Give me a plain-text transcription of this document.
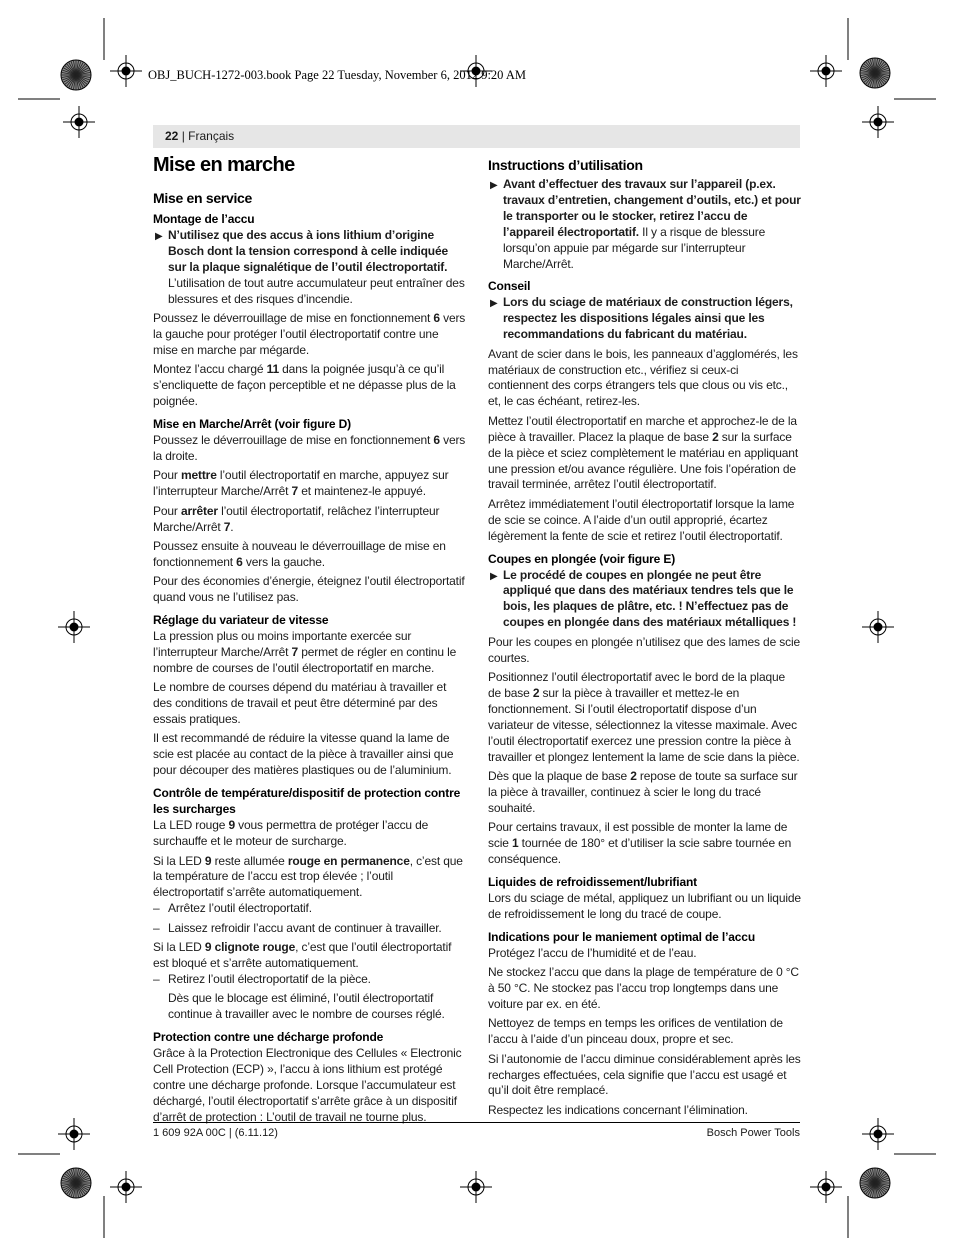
OBJ_BUCH-1272-003.book Page 22 Tuesday, November 6, 2012 9:20 AM
22 | Français
Mise en marche
Mise en service
Montage de l’accu

▶ N’utilisez que des accus à ions lithium d’origine Bosch dont la tension correspond à celle indiquée sur la plaque signalétique de l’outil électroportatif. L’utilisation de tout autre accumulateur peut entraîner des blessures et des risques d’incendie.

Poussez le déverrouillage de mise en fonctionnement 6 vers la gauche pour protéger l’outil électroportatif contre une mise en marche par mégarde.

Montez l’accu chargé 11 dans la poignée jusqu’à ce qu’il s’encliquette de façon perceptible et ne dépasse plus de la poignée.

Mise en Marche/Arrêt (voir figure D)

Poussez le déverrouillage de mise en fonctionnement 6 vers la droite.

Pour mettre l’outil électroportatif en marche, appuyez sur l’interrupteur Marche/Arrêt 7 et maintenez-le appuyé.

Pour arrêter l’outil électroportatif, relâchez l’interrupteur Marche/Arrêt 7.

Poussez ensuite à nouveau le déverrouillage de mise en fonctionnement 6 vers la gauche.

Pour des économies d’énergie, éteignez l’outil électroportatif quand vous ne l’utilisez pas.

Réglage du variateur de vitesse

La pression plus ou moins importante exercée sur l’interrupteur Marche/Arrêt 7 permet de régler en continu le nombre de courses de l’outil électroportatif en marche.

Le nombre de courses dépend du matériau à travailler et des conditions de travail et peut être déterminé par des essais pratiques.

Il est recommandé de réduire la vitesse quand la lame de scie est placée au contact de la pièce à travailler ainsi que pour découper des matières plastiques ou de l’aluminium.

Contrôle de température/dispositif de protection contre les surcharges

La LED rouge 9 vous permettra de protéger l’accu de surchauffe et le moteur de surcharge.

Si la LED 9 reste allumée rouge en permanence, c’est que la température de l’accu est trop élevée ; l’outil électroportatif s’arrête automatiquement.

– Arrêtez l’outil électroportatif.

– Laissez refroidir l’accu avant de continuer à travailler.

Si la LED 9 clignote rouge, c’est que l’outil électroportatif est bloqué et s’arrête automatiquement.

– Retirez l’outil électroportatif de la pièce.

Dès que le blocage est éliminé, l’outil électroportatif continue à travailler avec le nombre de courses réglé.

Protection contre une décharge profonde

Grâce à la Protection Electronique des Cellules « Electronic Cell Protection (ECP) », l’accu à ions lithium est protégé contre une décharge profonde. Lorsque l’accumulateur est déchargé, l’outil électroportatif s’arrête grâce à un dispositif d’arrêt de protection : L’outil de travail ne tourne plus.

Instructions d’utilisation

▶ Avant d’effectuer des travaux sur l’appareil (p.ex. travaux d’entretien, changement d’outils, etc.) et pour le transporter ou le stocker, retirez l’accu de l’appareil électroportatif. Il y a risque de blessure lorsqu’on appuie par mégarde sur l’interrupteur Marche/Arrêt.

Conseil

▶ Lors du sciage de matériaux de construction légers, respectez les dispositions légales ainsi que les recommandations du fabricant du matériau.

Avant de scier dans le bois, les panneaux d’agglomérés, les matériaux de construction etc., vérifiez si ceux-ci contiennent des corps étrangers tels que clous ou vis etc., et, le cas échéant, retirez-les.

Mettez l’outil électroportatif en marche et approchez-le de la pièce à travailler. Placez la plaque de base 2 sur la surface de la pièce et sciez complètement le matériau en appliquant une pression et/ou avance régulière. Une fois l’opération de travail terminée, arrêtez l’outil électroportatif.

Arrêtez immédiatement l’outil électroportatif lorsque la lame de scie se coince. A l’aide d’un outil approprié, écartez légèrement la fente de scie et retirez l’outil électroportatif.

Coupes en plongée (voir figure E)

▶ Le procédé de coupes en plongée ne peut être appliqué que dans des matériaux tendres tels que le bois, les plaques de plâtre, etc. ! N’effectuez pas de coupes en plongée dans des matériaux métalliques !

Pour les coupes en plongée n’utilisez que des lames de scie courtes.

Positionnez l’outil électroportatif avec le bord de la plaque de base 2 sur la pièce à travailler et mettez-le en fonctionnement. Si l’outil électroportatif dispose d’un variateur de vitesse, sélectionnez la vitesse maximale. Avec l’outil électroportatif exercez une pression contre la pièce à travailler et plongez lentement la lame de scie dans la pièce.

Dès que la plaque de base 2 repose de toute sa surface sur la pièce à travailler, continuez à scier le long du tracé souhaité.

Pour certains travaux, il est possible de monter la lame de scie 1 tournée de 180° et d’utiliser la scie sabre tournée en conséquence.

Liquides de refroidissement/lubrifiant

Lors du sciage de métal, appliquez un lubrifiant ou un liquide de refroidissement le long du tracé de coupe.

Indications pour le maniement optimal de l’accu

Protégez l’accu de l’humidité et de l’eau.

Ne stockez l’accu que dans la plage de température de 0 °C à 50 °C. Ne stockez pas l’accu trop longtemps dans une voiture par ex. en été.

Nettoyez de temps en temps les orifices de ventilation de l’accu à l’aide d’un pinceau doux, propre et sec.

Si l’autonomie de l’accu diminue considérablement après les recharges effectuées, cela signifie que l’accu est usagé et qu’il doit être remplacé.

Respectez les indications concernant l’élimination.

1 609 92A 00C | (6.11.12)	Bosch Power Tools
